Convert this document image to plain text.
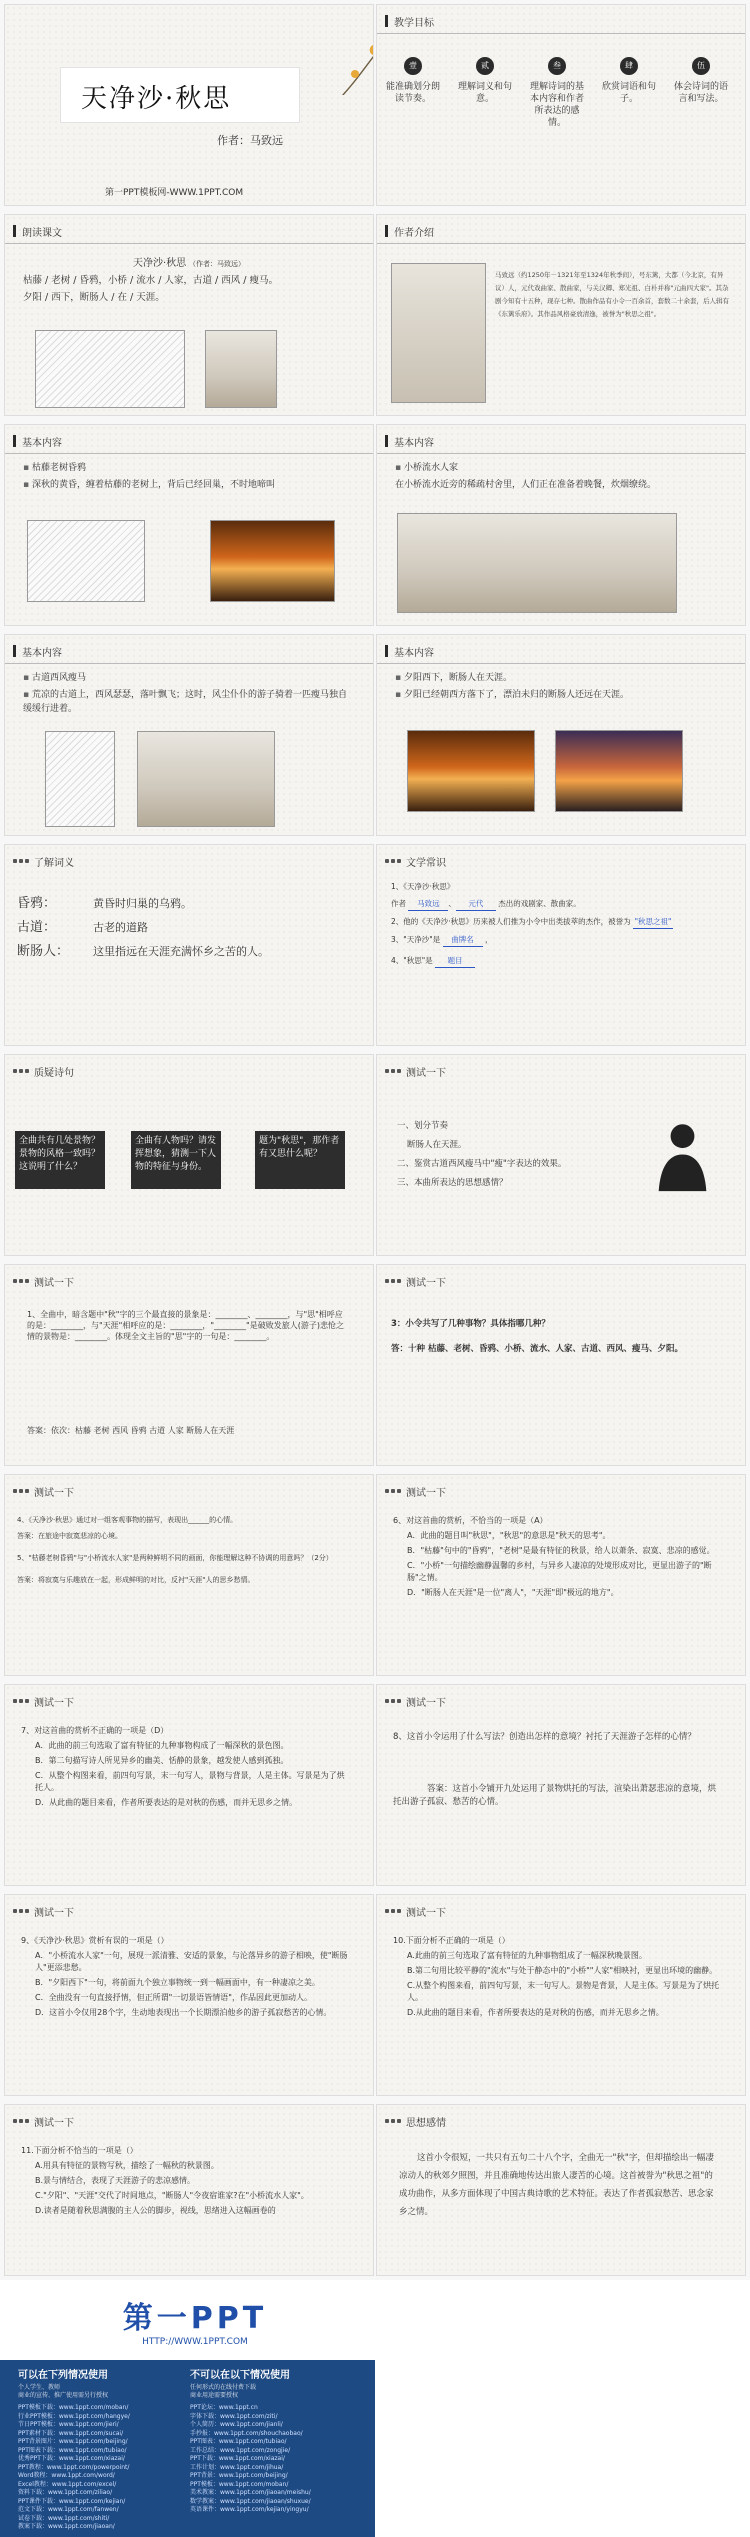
天净沙·秋思
作者：马致远
第一PPT模板网-WWW.1PPT.COM
教学目标
壹
能准确划分朗读节奏。
贰
理解词义和句意。
叁
理解诗词的基本内容和作者所表达的感情。
肆
欣赏词语和句子。
伍
体会诗词的语言和写法。
朗读课文

天净沙·秋思 （作者：马致远）

枯藤 / 老树 / 昏鸦，小桥 / 流水 / 人家，古道 / 西风 / 瘦马。

夕阳 / 西下，断肠人 / 在 / 天涯。

作者介绍
马致远（约1250年－1321年至1324年秋季间），号东篱，大都（今北京，有异议）人，元代戏曲家、散曲家，与关汉卿、郑光祖、白朴并称"元曲四大家"。其杂剧今知有十五种，现存七种。散曲作品有小令一百余首，套数二十余套，后人辑有《东篱乐府》。其作品风格豪放清逸，被誉为"秋思之祖"。
基本内容

▪ 枯藤老树昏鸦

▪ 深秋的黄昏，缠着枯藤的老树上，背后已经回巢，不时地啼叫

基本内容

▪ 小桥流水人家

在小桥流水近旁的稀疏村舍里，人们正在准备着晚餐，炊烟缭绕。

基本内容

▪ 古道西风瘦马

▪ 荒凉的古道上，西风瑟瑟，落叶飘飞；这时，风尘仆仆的游子骑着一匹瘦马独自缓缓行进着。

基本内容

▪ 夕阳西下，断肠人在天涯。

▪ 夕阳已经朝西方落下了，漂泊未归的断肠人还远在天涯。

了解词义
昏鸦：	黄昏时归巢的乌鸦。
古道：	古老的道路
断肠人：	这里指远在天涯充满怀乡之苦的人。
文学常识

1、《天净沙·秋思》

作者 马致远 、 元代 杰出的戏剧家、散曲家。

2、他的《天净沙·秋思》历来被人们推为小令中出类拔萃的杰作，被誉为 "秋思之祖"

3、"天净沙"是 曲牌名 ，

4、"秋思"是 题目

质疑诗句
全曲共有几处景物？景物的风格一致吗？这说明了什么？
全曲有人物吗？请发挥想象，猜测一下人物的特征与身份。
题为"秋思"，那作者有又思什么呢？
测试一下

一、划分节奏

断肠人在天涯。

二、鉴赏古道西风瘦马中"瘦"字表达的效果。

三、本曲所表达的思想感情？

测试一下
1、全曲中，暗含题中"秋"字的三个最直接的景象是：________、________，与"思"相呼应的是：________，与"天涯"相呼应的是：________，"________"是破败发旅人(游子)悲怆之情的景物是：________。体现全文主旨的"思"字的一句是：________。
答案：依次：枯藤 老树 西风 昏鸦 古道 人家 断肠人在天涯
测试一下
3：小令共写了几种事物？具体指哪几种？
答：十种 枯藤、老树、昏鸦、小桥、流水、人家、古道、西风、瘦马、夕阳。
测试一下

4、《天净沙·秋思》通过对一组客观事物的描写，表现出______的心情。

答案：在旅途中寂寞悲凉的心境。

5、"枯藤老树昏鸦"与"小桥流水人家"是两种鲜明不同的画面，你能理解这种不协调的用意吗？（2分）

答案：将寂寞与乐趣放在一起，形成鲜明的对比，反衬"天涯"人的思乡愁情。

测试一下

6、对这首曲的赏析，不恰当的一项是（A）

A．此曲的题目叫"秋思"，"秋思"的意思是"秋天的思考"。

B．"枯藤"句中的"昏鸦"，"老树"是最有特征的秋景，给人以萧条、寂寞、悲凉的感觉。

C．"小桥"一句描绘幽静温馨的乡村，与异乡人凄凉的处境形成对比，更显出游子的"断肠"之情。

D．"断肠人在天涯"是一位"离人"，"天涯"即"极远的地方"。

测试一下

7、对这首曲的赏析不正确的一项是（D）

A．此曲的前三句选取了富有特征的九种事物构成了一幅深秋的景色图。

B．第二句描写诗人所见异乡的幽美、恬静的景象，越发使人感到孤独。

C．从整个构图来看，前四句写景，末一句写人，景物与背景，人是主体。写景是为了烘托人。

D．从此曲的题目来看，作者所要表达的是对秋的伤感，而并无思乡之情。

测试一下
8、这首小令运用了什么写法？创造出怎样的意境？衬托了天涯游子怎样的心情？
答案：这首小令铺开九处运用了景物烘托的写法，渲染出萧瑟悲凉的意境，烘托出游子孤寂、愁苦的心情。
测试一下

9、《天净沙·秋思》赏析有误的一项是（）

A．"小桥流水人家"一句，展现一派清雅、安适的景象，与沦落异乡的游子相映，使"断肠人"更添悲愁。

B．"夕阳西下"一句，将前面九个独立事物统一到一幅画面中，有一种凄凉之美。

C．全曲没有一句直接抒情，但正所谓"一切景语皆情语"，作品因此更加动人。

D．这首小令仅用28个字，生动地表现出一个长期漂泊他乡的游子孤寂愁苦的心情。

测试一下

10.下面分析不正确的一项是（）

A.此曲的前三句选取了富有特征的九种事物组成了一幅深秋晚景图。

B.第二句用比较平静的"流水"与处于静态中的"小桥""人家"相映衬，更显出环境的幽静。

C.从整个构图来看，前四句写景，末一句写人。景物是背景，人是主体。写景是为了烘托人。

D.从此曲的题目来看，作者所要表达的是对秋的伤感，而并无思乡之情。

测试一下

11.下面分析不恰当的一项是（）

A.用具有特征的景物写秋，描绘了一幅秋的秋景图。

B.景与情结合，表现了天涯游子的悲凉感情。

C."夕阳"、"天涯"交代了时间地点，"断肠人"令夜宿谁家?在"小桥流水人家"。

D.读者是随着秋思满腹的主人公的脚步，视线，思绪进入这幅画卷的

思想感情
这首小令很短，一共只有五句二十八个字，全曲无一"秋"字，但却描绘出一幅凄凉动人的秋郊夕照图，并且准确地传达出旅人凄苦的心境。这首被誉为"秋思之祖"的成功曲作，从多方面体现了中国古典诗歌的艺术特征。表达了作者孤寂愁苦、思念家乡之情。
第一PPT
HTTP://WWW.1PPT.COM
可以在下列情况使用
个人学生、教师
商业的宣传、推广使用需另行授权
PPT模板下载：www.1ppt.com/moban/
行业PPT模板：www.1ppt.com/hangye/
节日PPT模板：www.1ppt.com/jieri/
PPT素材下载：www.1ppt.com/sucai/
PPT背景图片：www.1ppt.com/beijing/
PPT图表下载：www.1ppt.com/tubiao/
优秀PPT下载：www.1ppt.com/xiazai/
PPT教程：www.1ppt.com/powerpoint/
Word教程：www.1ppt.com/word/
Excel教程：www.1ppt.com/excel/
资料下载：www.1ppt.com/ziliao/
PPT课件下载：www.1ppt.com/kejian/
范文下载：www.1ppt.com/fanwen/
试卷下载：www.1ppt.com/shiti/
教案下载：www.1ppt.com/jiaoan/
不可以在以下情况使用
任何形式的在线付费下载
商业用途需要授权
PPT论坛：www.1ppt.cn
字体下载：www.1ppt.com/ziti/
个人简历：www.1ppt.com/jianli/
手抄报：www.1ppt.com/shouchaobao/
PPT图表：www.1ppt.com/tubiao/
工作总结：www.1ppt.com/zongjie/
PPT下载：www.1ppt.com/xiazai/
工作计划：www.1ppt.com/jihua/
PPT背景：www.1ppt.com/beijing/
PPT模板：www.1ppt.com/moban/
美术教案：www.1ppt.com/jiaoan/meishu/
数学教案：www.1ppt.com/jiaoan/shuxue/
英语课件：www.1ppt.com/kejian/yingyu/
